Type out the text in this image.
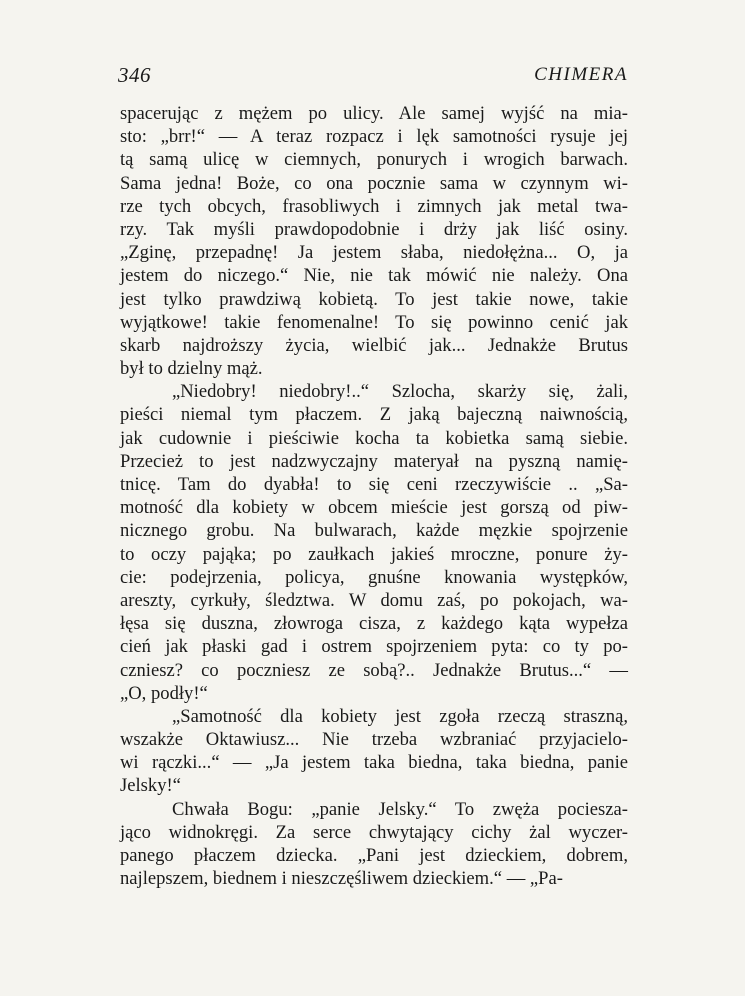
346	CHIMERA
spacerując z mężem po ulicy. Ale samej wyjść na mia-
sto: „brr!“ — A teraz rozpacz i lęk samotności rysuje jej
tą samą ulicę w ciemnych, ponurych i wrogich barwach.
Sama jedna! Boże, co ona pocznie sama w czynnym wi-
rze tych obcych, frasobliwych i zimnych jak metal twa-
rzy. Tak myśli prawdopodobnie i drży jak liść osiny.
„Zginę, przepadnę! Ja jestem słaba, niedołężna... O, ja
jestem do niczego.“ Nie, nie tak mówić nie należy. Ona
jest tylko prawdziwą kobietą. To jest takie nowe, takie
wyjątkowe! takie fenomenalne! To się powinno cenić jak
skarb najdroższy życia, wielbić jak... Jednakże Brutus
był to dzielny mąż.
„Niedobry! niedobry!..“ Szlocha, skarży się, żali,
pieści niemal tym płaczem. Z jaką bajeczną naiwnością,
jak cudownie i pieściwie kocha ta kobietka samą siebie.
Przecież to jest nadzwyczajny materyał na pyszną namię-
tnicę. Tam do dyabła! to się ceni rzeczywiście .. „Sa-
motność dla kobiety w obcem mieście jest gorszą od piw-
nicznego grobu. Na bulwarach, każde męzkie spojrzenie
to oczy pająka; po zaułkach jakieś mroczne, ponure ży-
cie: podejrzenia, policya, gnuśne knowania występków,
areszty, cyrkuły, śledztwa. W domu zaś, po pokojach, wa-
łęsa się duszna, złowroga cisza, z każdego kąta wypełza
cień jak płaski gad i ostrem spojrzeniem pyta: co ty po-
czniesz? co poczniesz ze sobą?.. Jednakże Brutus...“ —
„O, podły!“
„Samotność dla kobiety jest zgoła rzeczą straszną,
wszakże Oktawiusz... Nie trzeba wzbraniać przyjacielo-
wi rączki...“ — „Ja jestem taka biedna, taka biedna, panie
Jelsky!“
Chwała Bogu: „panie Jelsky.“ To zwęża pociesza-
jąco widnokręgi. Za serce chwytający cichy żal wyczer-
panego płaczem dziecka. „Pani jest dzieckiem, dobrem,
najlepszem, biednem i nieszczęśliwem dzieckiem.“ — „Pa-
